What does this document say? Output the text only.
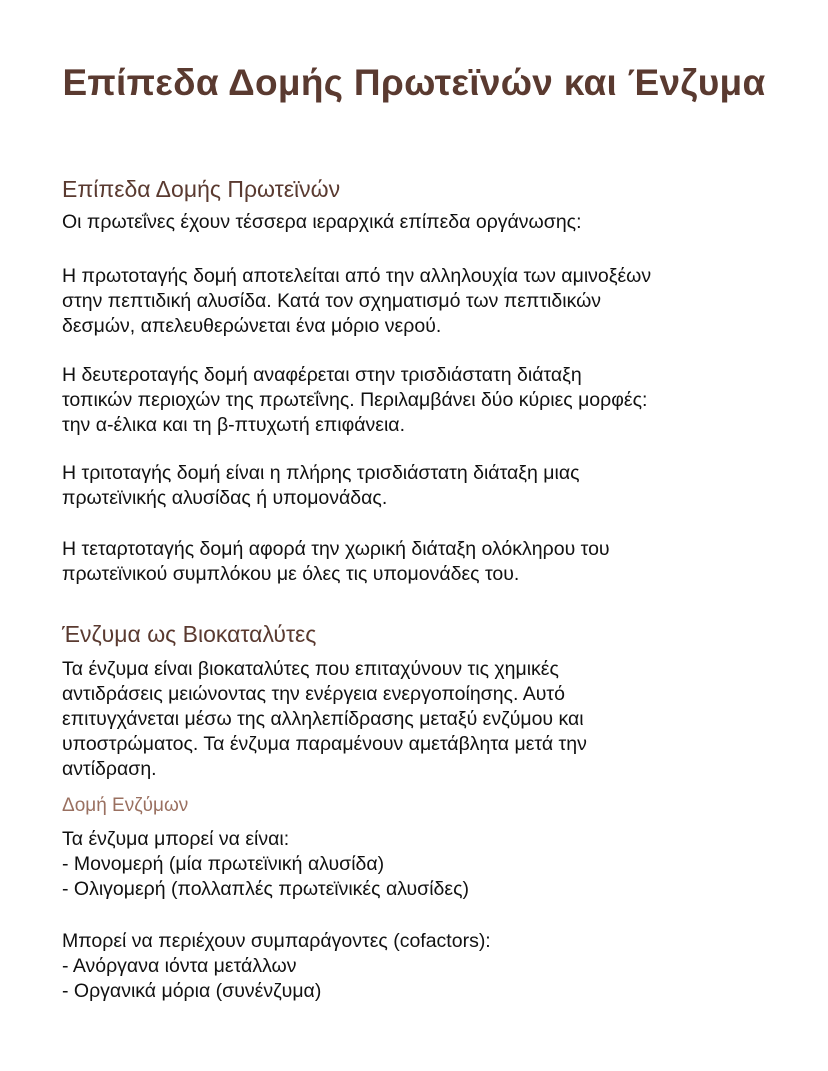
Επίπεδα Δομής Πρωτεϊνών και Ένζυμα
Επίπεδα Δομής Πρωτεϊνών

Οι πρωτεΐνες έχουν τέσσερα ιεραρχικά επίπεδα οργάνωσης:

Η πρωτοταγής δομή αποτελείται από την αλληλουχία των αμινοξέων
στην πεπτιδική αλυσίδα. Κατά τον σχηματισμό των πεπτιδικών
δεσμών, απελευθερώνεται ένα μόριο νερού.

Η δευτεροταγής δομή αναφέρεται στην τρισδιάστατη διάταξη
τοπικών περιοχών της πρωτεΐνης. Περιλαμβάνει δύο κύριες μορφές:
την α-έλικα και τη β-πτυχωτή επιφάνεια.

Η τριτοταγής δομή είναι η πλήρης τρισδιάστατη διάταξη μιας
πρωτεϊνικής αλυσίδας ή υπομονάδας.

Η τεταρτοταγής δομή αφορά την χωρική διάταξη ολόκληρου του
πρωτεϊνικού συμπλόκου με όλες τις υπομονάδες του.

Ένζυμα ως Βιοκαταλύτες

Τα ένζυμα είναι βιοκαταλύτες που επιταχύνουν τις χημικές
αντιδράσεις μειώνοντας την ενέργεια ενεργοποίησης. Αυτό
επιτυγχάνεται μέσω της αλληλεπίδρασης μεταξύ ενζύμου και
υποστρώματος. Τα ένζυμα παραμένουν αμετάβλητα μετά την
αντίδραση.

Δομή Ενζύμων

Τα ένζυμα μπορεί να είναι:
- Μονομερή (μία πρωτεϊνική αλυσίδα)
- Ολιγομερή (πολλαπλές πρωτεϊνικές αλυσίδες)

Μπορεί να περιέχουν συμπαράγοντες (cofactors):
- Ανόργανα ιόντα μετάλλων
- Οργανικά μόρια (συνένζυμα)
